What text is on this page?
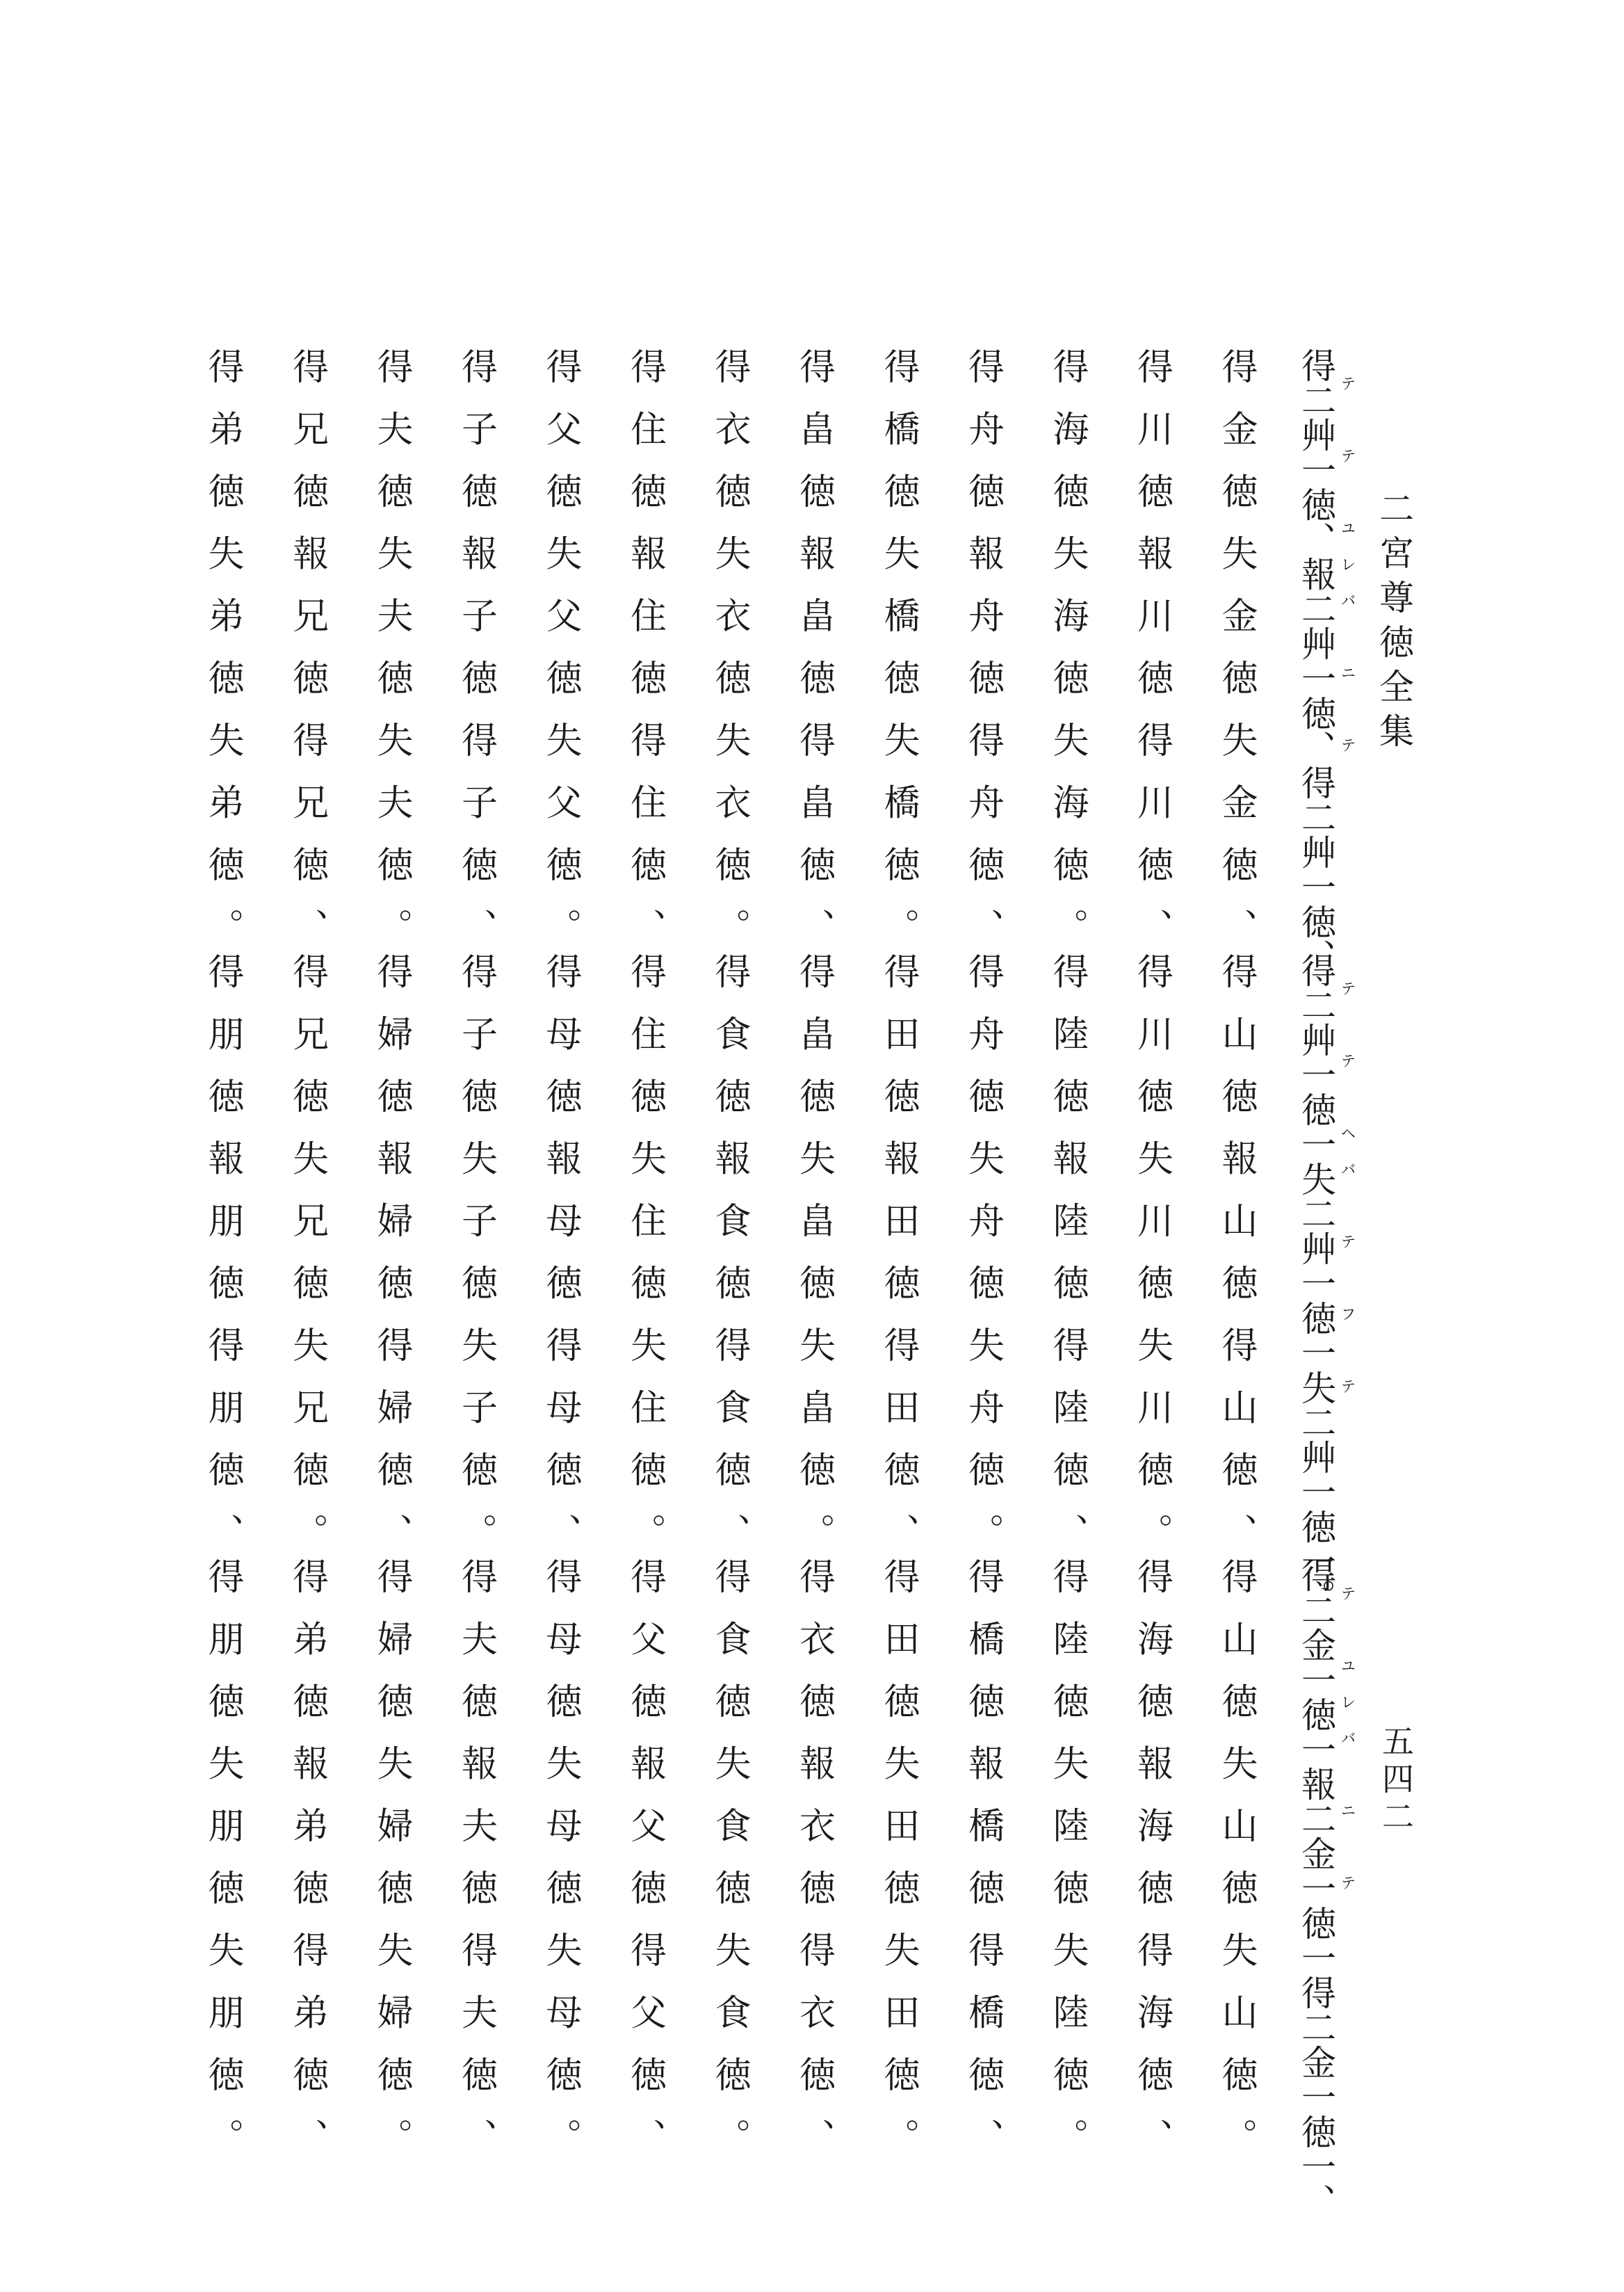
二宮尊徳全集
五四二
得二艸一徳、報二艸一徳、得二艸一徳、 テ　テ　ユレバ　ニ　テ
得金徳失金徳失金徳、
得川徳報川徳得川徳、
得海徳失海徳失海徳。
得舟徳報舟徳得舟徳、
得橋徳失橋徳失橋徳。
得畠徳報畠徳得畠徳、
得衣徳失衣徳失衣徳。
得住徳報住徳得住徳、
得父徳失父徳失父徳。
得子徳報子徳得子徳、
得夫徳失夫徳失夫徳。
得兄徳報兄徳得兄徳、
得弟徳失弟徳失弟徳。
得二艸一徳一失二艸一徳一失二艸一徳一。 テ　テ　ヘバ　テ　フ　テ
得山徳報山徳得山徳、
得川徳失川徳失川徳。
得陸徳報陸徳得陸徳、
得舟徳失舟徳失舟徳。
得田徳報田徳得田徳、
得畠徳失畠徳失畠徳。
得食徳報食徳得食徳、
得住徳失住徳失住徳。
得母徳報母徳得母徳、
得子徳失子徳失子徳。
得婦徳報婦徳得婦徳、
得兄徳失兄徳失兄徳。
得朋徳報朋徳得朋徳、
得二金一徳一報二金一徳一得二金一徳一、 テ　ユレバ　ニ　テ
得山徳失山徳失山徳。
得海徳報海徳得海徳、
得陸徳失陸徳失陸徳。
得橋徳報橋徳得橋徳、
得田徳失田徳失田徳。
得衣徳報衣徳得衣徳、
得食徳失食徳失食徳。
得父徳報父徳得父徳、
得母徳失母徳失母徳。
得夫徳報夫徳得夫徳、
得婦徳失婦徳失婦徳。
得弟徳報弟徳得弟徳、
得朋徳失朋徳失朋徳。
